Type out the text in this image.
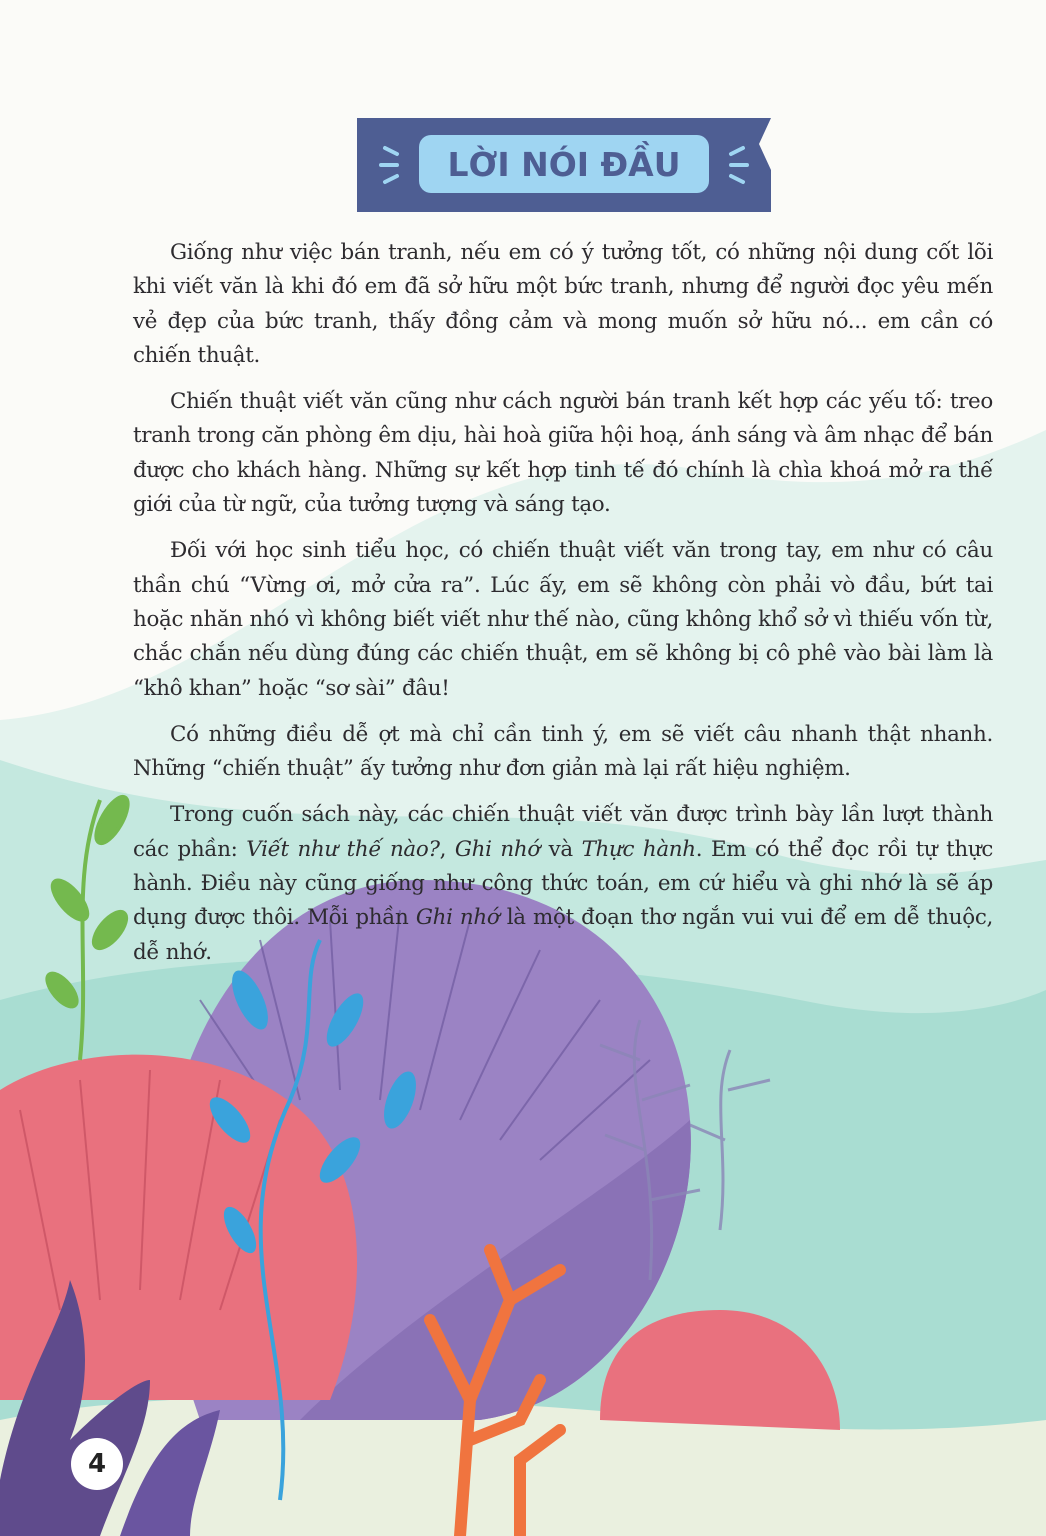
LỜI NÓI ĐẦU

Giống như việc bán tranh, nếu em có ý tưởng tốt, có những nội dung cốt lõi khi viết văn là khi đó em đã sở hữu một bức tranh, nhưng để người đọc yêu mến vẻ đẹp của bức tranh, thấy đồng cảm và mong muốn sở hữu nó... em cần có chiến thuật.

Chiến thuật viết văn cũng như cách người bán tranh kết hợp các yếu tố: treo tranh trong căn phòng êm dịu, hài hoà giữa hội hoạ, ánh sáng và âm nhạc để bán được cho khách hàng. Những sự kết hợp tinh tế đó chính là chìa khoá mở ra thế giới của từ ngữ, của tưởng tượng và sáng tạo.

Đối với học sinh tiểu học, có chiến thuật viết văn trong tay, em như có câu thần chú “Vừng ơi, mở cửa ra”. Lúc ấy, em sẽ không còn phải vò đầu, bứt tai hoặc nhăn nhó vì không biết viết như thế nào, cũng không khổ sở vì thiếu vốn từ, chắc chắn nếu dùng đúng các chiến thuật, em sẽ không bị cô phê vào bài làm là “khô khan” hoặc “sơ sài” đâu!

Có những điều dễ ợt mà chỉ cần tinh ý, em sẽ viết câu nhanh thật nhanh. Những “chiến thuật” ấy tưởng như đơn giản mà lại rất hiệu nghiệm.

Trong cuốn sách này, các chiến thuật viết văn được trình bày lần lượt thành các phần: Viết như thế nào?, Ghi nhớ và Thực hành. Em có thể đọc rồi tự thực hành. Điều này cũng giống như công thức toán, em cứ hiểu và ghi nhớ là sẽ áp dụng được thôi. Mỗi phần Ghi nhớ là một đoạn thơ ngắn vui vui để em dễ thuộc, dễ nhớ.

4
